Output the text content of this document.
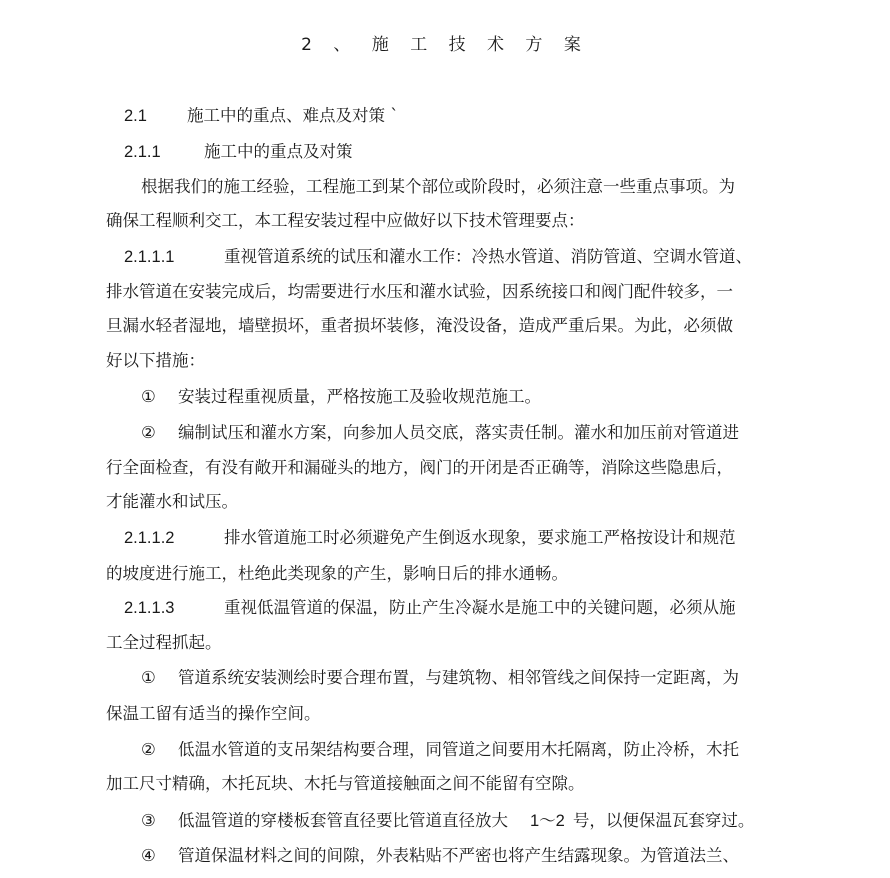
2 、 施 工 技 术 方 案
2.1 施工中的重点、难点及对策 `
2.1.1	施工中的重点及对策
根据我们的施工经验，工程施工到某个部位或阶段时，必须注意一些重点事项。为
确保工程顺利交工，本工程安装过程中应做好以下技术管理要点：
2.1.1.1	重视管道系统的试压和灌水工作：冷热水管道、消防管道、空调水管道、
排水管道在安装完成后，均需要进行水压和灌水试验，因系统接口和阀门配件较多，一
旦漏水轻者湿地，墙壁损坏，重者损坏装修，淹没设备，造成严重后果。为此，必须做
好以下措施：
① 安装过程重视质量，严格按施工及验收规范施工。
② 编制试压和灌水方案，向参加人员交底，落实责任制。灌水和加压前对管道进
行全面检查，有没有敞开和漏碰头的地方，阀门的开闭是否正确等，消除这些隐患后，
才能灌水和试压。
2.1.1.2	排水管道施工时必须避免产生倒返水现象，要求施工严格按设计和规范
的坡度进行施工，杜绝此类现象的产生，影响日后的排水通畅。
2.1.1.3	重视低温管道的保温，防止产生冷凝水是施工中的关键问题，必须从施
工全过程抓起。
① 管道系统安装测绘时要合理布置，与建筑物、相邻管线之间保持一定距离，为
保温工留有适当的操作空间。
② 低温水管道的支吊架结构要合理，同管道之间要用木托隔离，防止冷桥，木托
加工尺寸精确，木托瓦块、木托与管道接触面之间不能留有空隙。
③ 低温管道的穿楼板套管直径要比管道直径放大 1～2 号，以便保温瓦套穿过。
④ 管道保温材料之间的间隙，外表粘贴不严密也将产生结露现象。为管道法兰、
